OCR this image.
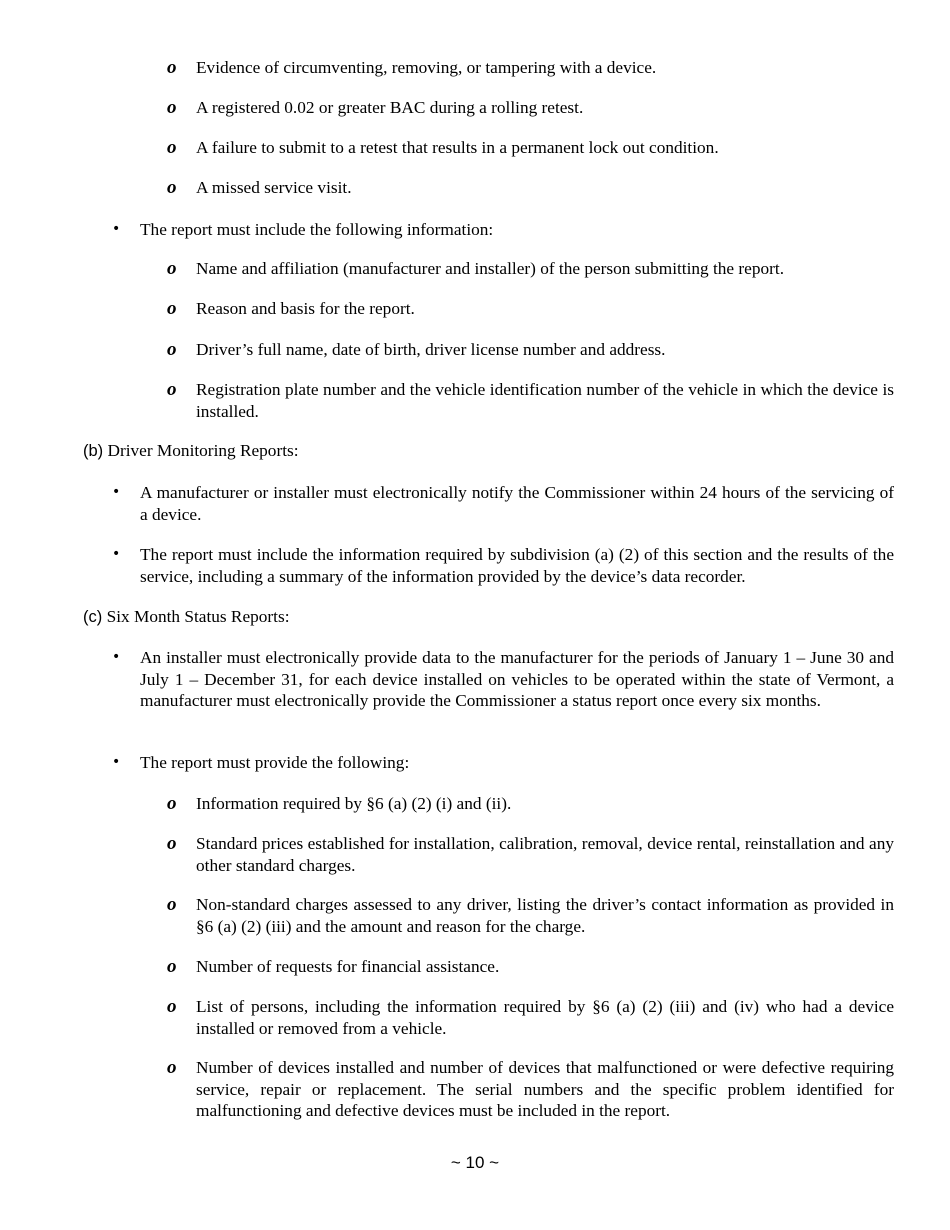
o Evidence of circumventing, removing, or tampering with a device.
o A registered 0.02 or greater BAC during a rolling retest.
o A failure to submit to a retest that results in a permanent lock out condition.
o A missed service visit.
• The report must include the following information:
o Name and affiliation (manufacturer and installer) of the person submitting the report.
o Reason and basis for the report.
o Driver’s full name, date of birth, driver license number and address.
o Registration plate number and the vehicle identification number of the vehicle in which the device is installed.
(b) Driver Monitoring Reports:
• A manufacturer or installer must electronically notify the Commissioner within 24 hours of the servicing of a device.
• The report must include the information required by subdivision (a) (2) of this section and the results of the service, including a summary of the information provided by the device’s data recorder.
(c) Six Month Status Reports:
• An installer must electronically provide data to the manufacturer for the periods of January 1 – June 30 and July 1 – December 31, for each device installed on vehicles to be operated within the state of Vermont, a manufacturer must electronically provide the Commissioner a status report once every six months.
• The report must provide the following:
o Information required by §6 (a) (2) (i) and (ii).
o Standard prices established for installation, calibration, removal, device rental, reinstallation and any other standard charges.
o Non-standard charges assessed to any driver, listing the driver’s contact information as provided in §6 (a) (2) (iii) and the amount and reason for the charge.
o Number of requests for financial assistance.
o List of persons, including the information required by §6 (a) (2) (iii) and (iv) who had a device installed or removed from a vehicle.
o Number of devices installed and number of devices that malfunctioned or were defective requiring service, repair or replacement. The serial numbers and the specific problem identified for malfunctioning and defective devices must be included in the report.
~ 10 ~
